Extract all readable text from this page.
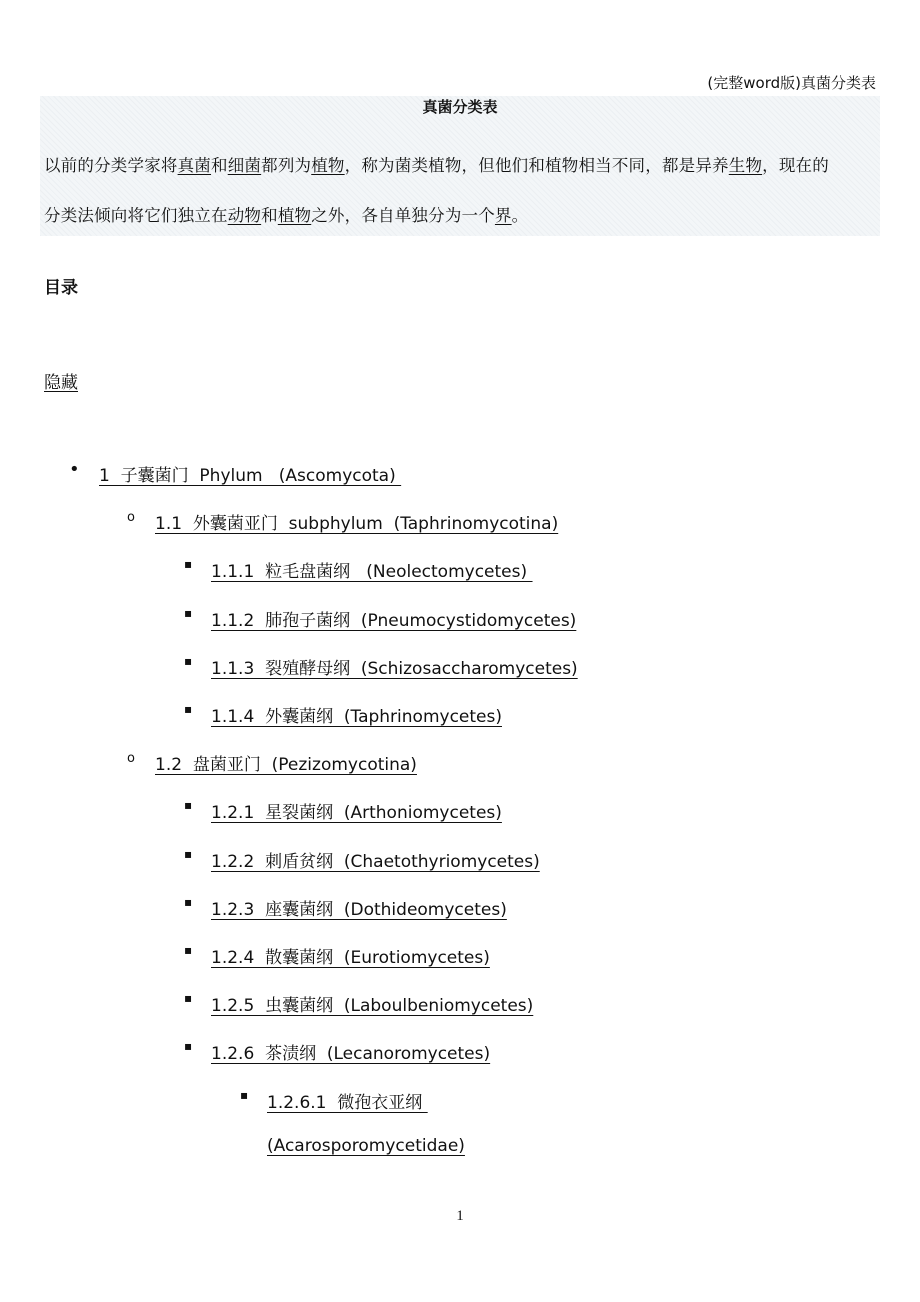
(完整word版)真菌分类表
真菌分类表
以前的分类学家将真菌和细菌都列为植物，称为菌类植物，但他们和植物相当不同，都是异养生物，现在的
分类法倾向将它们独立在动物和植物之外，各自单独分为一个界。
目录
隐藏
• 1  子囊菌门  Phylum   (Ascomycota)
o 1.1  外囊菌亚门  subphylum  (Taphrinomycotina)
▪ 1.1.1  粒毛盘菌纲   (Neolectomycetes)
▪ 1.1.2  肺孢子菌纲  (Pneumocystidomycetes)
▪ 1.1.3  裂殖酵母纲  (Schizosaccharomycetes)
▪ 1.1.4  外囊菌纲  (Taphrinomycetes)
o 1.2  盘菌亚门  (Pezizomycotina)
▪ 1.2.1  星裂菌纲  (Arthoniomycetes)
▪ 1.2.2  刺盾贫纲  (Chaetothyriomycetes)
▪ 1.2.3  座囊菌纲  (Dothideomycetes)
▪ 1.2.4  散囊菌纲  (Eurotiomycetes)
▪ 1.2.5  虫囊菌纲  (Laboulbeniomycetes)
▪ 1.2.6  茶渍纲  (Lecanoromycetes)
▪ 1.2.6.1  微孢衣亚纲
(Acarosporomycetidae)
1
